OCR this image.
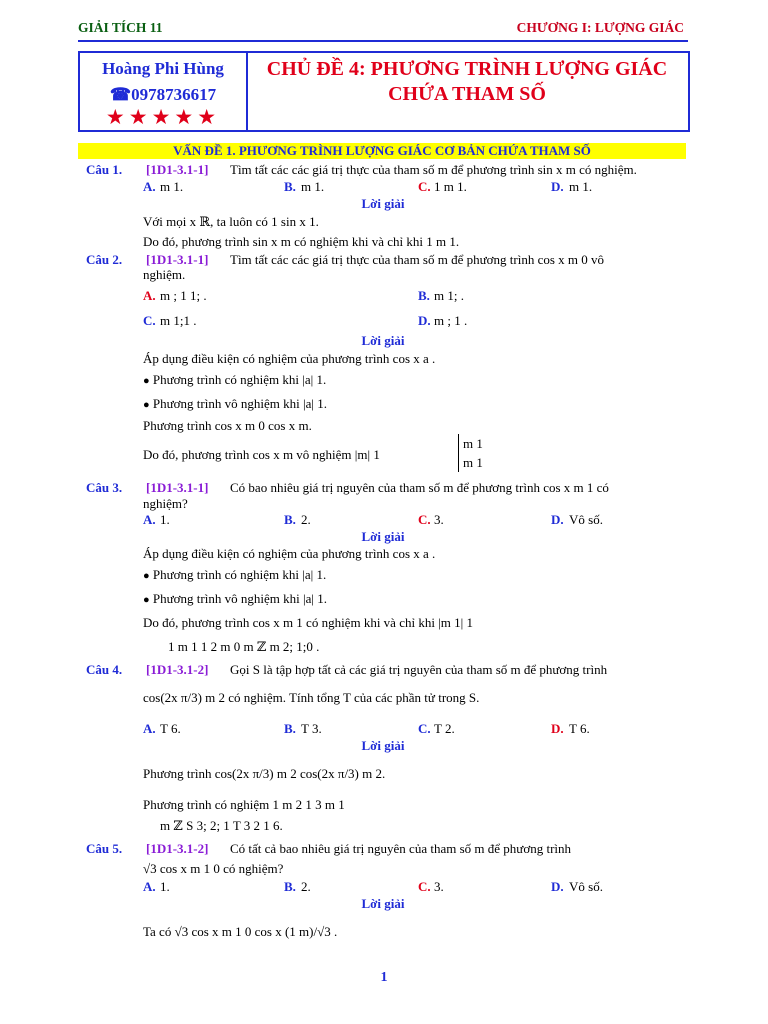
GIẢI TÍCH 11	CHƯƠNG I: LƯỢNG GIÁC
Hoàng Phi Hùng
☎0978736617
★★★★★
CHỦ ĐỀ 4: PHƯƠNG TRÌNH LƯỢNG GIÁC CHỨA THAM SỐ
VẤN ĐỀ 1. PHƯƠNG TRÌNH LƯỢNG GIÁC CƠ BẢN CHỨA THAM SỐ
Câu 1. [1D1-3.1-1] Tìm tất các các giá trị thực của tham số m để phương trình sin x m có nghiệm.
A. m 1.	B. m 1.	C. 1 m 1.	D. m 1.
Lời giải
Với mọi x ℝ, ta luôn có 1 sin x 1.
Do đó, phương trình sin x m có nghiệm khi và chỉ khi 1 m 1.
Câu 2. [1D1-3.1-1] Tìm tất các các giá trị thực của tham số m để phương trình cos x m 0 vô
nghiệm.
A. m ; 1 1; .	B. m 1; .
C. m 1;1 .	D. m ; 1 .
Lời giải
Áp dụng điều kiện có nghiệm của phương trình cos x a .
● Phương trình có nghiệm khi |a| 1.
● Phương trình vô nghiệm khi |a| 1.
Phương trình cos x m 0 cos x m.
Do đó, phương trình cos x m vô nghiệm |m| 1
m 1
m 1
Câu 3. [1D1-3.1-1] Có bao nhiêu giá trị nguyên của tham số m để phương trình cos x m 1 có
nghiệm?
A. 1.	B. 2.	C. 3.	D. Vô số.
Lời giải
Áp dụng điều kiện có nghiệm của phương trình cos x a .
● Phương trình có nghiệm khi |a| 1.
● Phương trình vô nghiệm khi |a| 1.
Do đó, phương trình cos x m 1 có nghiệm khi và chỉ khi |m 1| 1
1 m 1 1 2 m 0 m ℤ m 2; 1;0 .
Câu 4. [1D1-3.1-2] Gọi S là tập hợp tất cả các giá trị nguyên của tham số m để phương trình
cos(2x π/3) m 2 có nghiệm. Tính tổng T của các phần tử trong S.
A. T 6.	B. T 3.	C. T 2.	D. T 6.
Lời giải
Phương trình cos(2x π/3) m 2 cos(2x π/3) m 2.
Phương trình có nghiệm 1 m 2 1 3 m 1
m ℤ S 3; 2; 1 T 3 2 1 6.
Câu 5. [1D1-3.1-2] Có tất cả bao nhiêu giá trị nguyên của tham số m để phương trình
√3 cos x m 1 0 có nghiệm?
A. 1.	B. 2.	C. 3.	D. Vô số.
Lời giải
Ta có √3 cos x m 1 0 cos x (1 m)/√3 .
1
